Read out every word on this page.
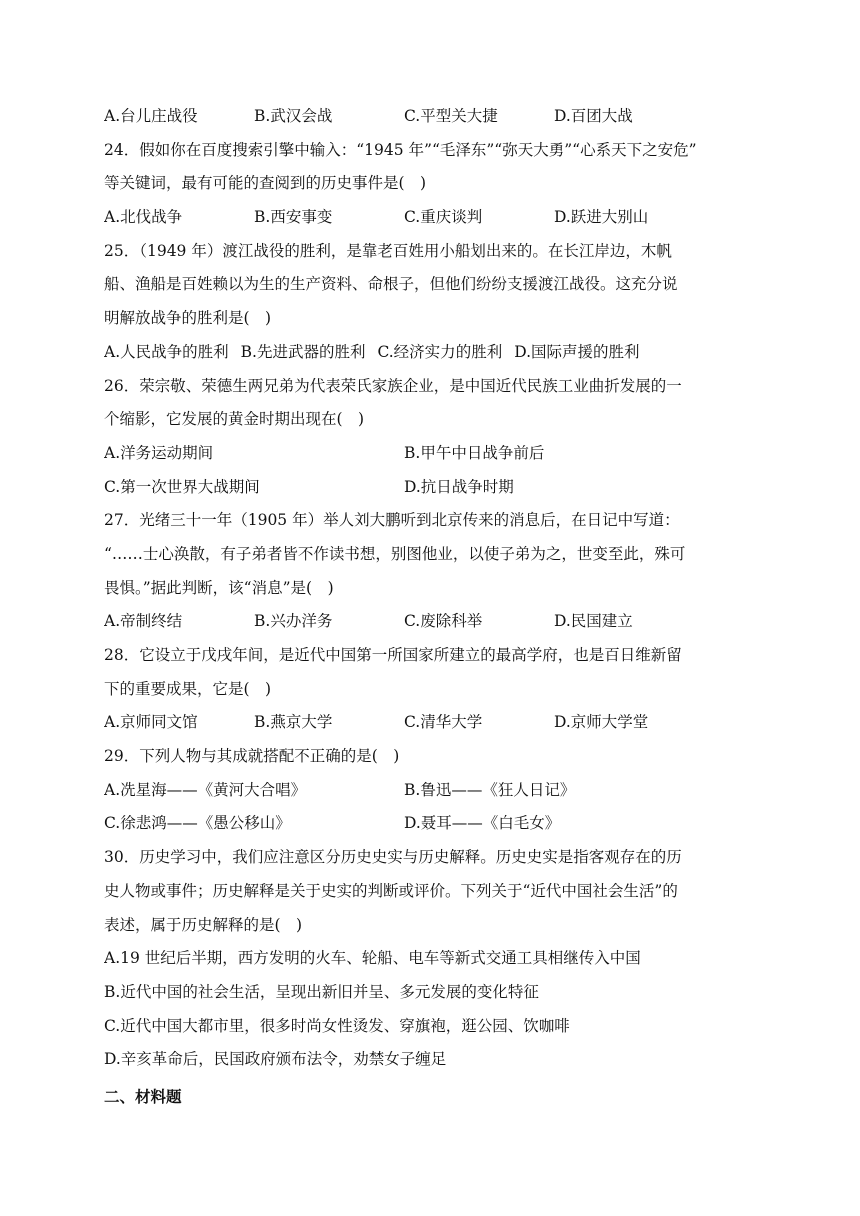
A.台儿庄战役	B.武汉会战	C.平型关大捷	D.百团大战
24．假如你在百度搜索引擎中输入：“1945 年”“毛泽东”“弥天大勇”“心系天下之安危”
等关键词，最有可能的查阅到的历史事件是(　)
A.北伐战争	B.西安事变	C.重庆谈判	D.跃进大别山
25．（1949 年）渡江战役的胜利，是靠老百姓用小船划出来的。在长江岸边，木帆
船、渔船是百姓赖以为生的生产资料、命根子，但他们纷纷支援渡江战役。这充分说
明解放战争的胜利是(　)
A.人民战争的胜利 B.先进武器的胜利 C.经济实力的胜利 D.国际声援的胜利
26．荣宗敬、荣德生两兄弟为代表荣氏家族企业，是中国近代民族工业曲折发展的一
个缩影，它发展的黄金时期出现在(　)
A.洋务运动期间	B.甲午中日战争前后
C.第一次世界大战期间	D.抗日战争时期
27．光绪三十一年（1905 年）举人刘大鹏听到北京传来的消息后，在日记中写道：
“……士心涣散，有子弟者皆不作读书想，别图他业，以使子弟为之，世变至此，殊可
畏惧。”据此判断，该“消息”是(　)
A.帝制终结	B.兴办洋务	C.废除科举	D.民国建立
28．它设立于戊戌年间，是近代中国第一所国家所建立的最高学府，也是百日维新留
下的重要成果，它是(　)
A.京师同文馆	B.燕京大学	C.清华大学	D.京师大学堂
29．下列人物与其成就搭配不正确的是(　)
A.冼星海——《黄河大合唱》	B.鲁迅——《狂人日记》
C.徐悲鸿——《愚公移山》	D.聂耳——《白毛女》
30．历史学习中，我们应注意区分历史史实与历史解释。历史史实是指客观存在的历
史人物或事件；历史解释是关于史实的判断或评价。下列关于“近代中国社会生活”的
表述，属于历史解释的是(　)
A.19 世纪后半期，西方发明的火车、轮船、电车等新式交通工具相继传入中国
B.近代中国的社会生活，呈现出新旧并呈、多元发展的变化特征
C.近代中国大都市里，很多时尚女性烫发、穿旗袍，逛公园、饮咖啡
D.辛亥革命后，民国政府颁布法令，劝禁女子缠足
二、材料题
